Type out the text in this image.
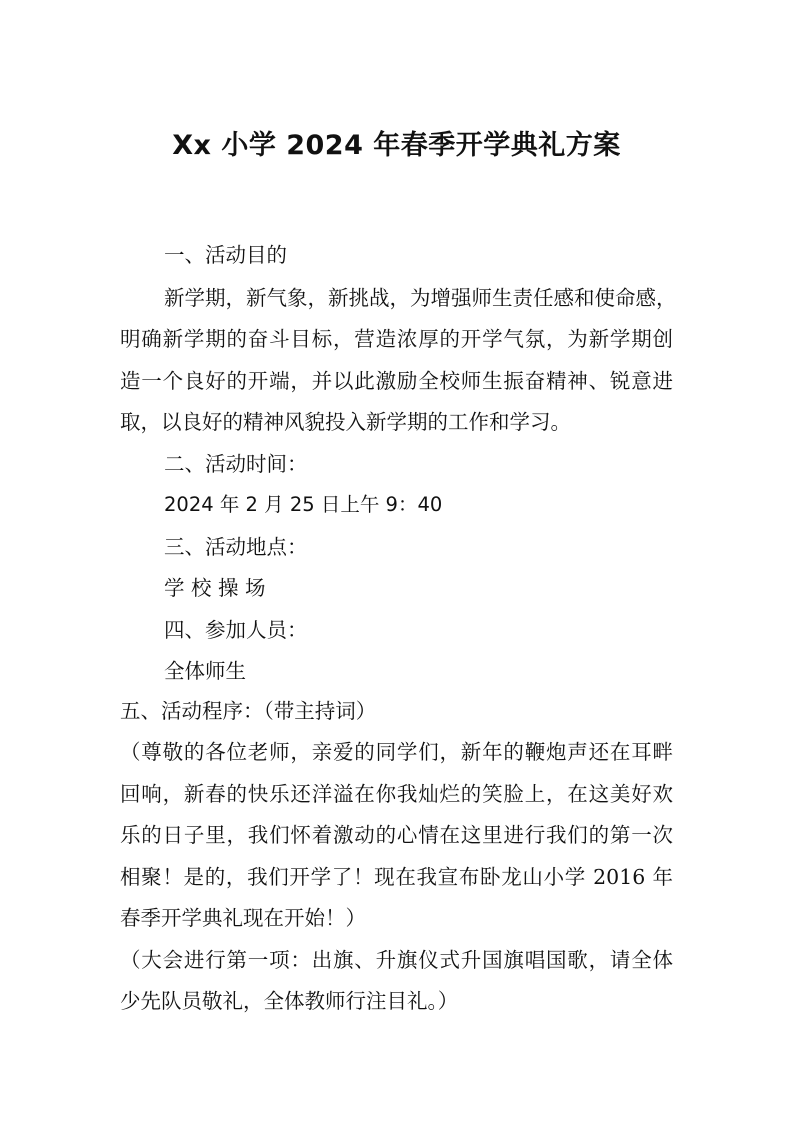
Xx 小学 2024 年春季开学典礼方案
一、活动目的
新学期，新气象，新挑战，为增强师生责任感和使命感，
明确新学期的奋斗目标，营造浓厚的开学气氛，为新学期创
造一个良好的开端，并以此激励全校师生振奋精神、锐意进
取，以良好的精神风貌投入新学期的工作和学习。
二、活动时间：
2024 年 2 月 25 日上午 9：40
三、活动地点：
学 校 操 场
四、参加人员：
全体师生
五、活动程序：（带主持词）
（尊敬的各位老师，亲爱的同学们，新年的鞭炮声还在耳畔
回响，新春的快乐还洋溢在你我灿烂的笑脸上，在这美好欢
乐的日子里，我们怀着激动的心情在这里进行我们的第一次
相聚！是的，我们开学了！现在我宣布卧龙山小学 2016 年
春季开学典礼现在开始！）
（大会进行第一项：出旗、升旗仪式升国旗唱国歌，请全体
少先队员敬礼，全体教师行注目礼。）
